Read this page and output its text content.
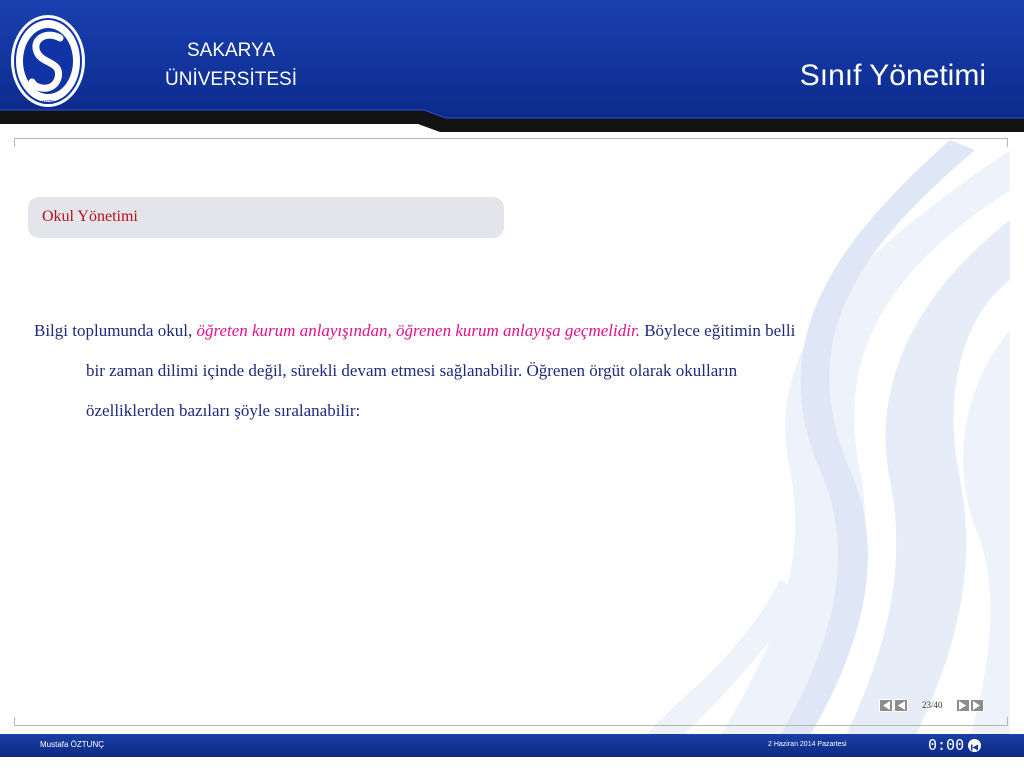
1970
SAKARYA
ÜNİVERSİTESİ	Sınıf Yönetimi
Okul Yönetimi
Bilgi toplumunda okul, öğreten kurum anlayışından, öğrenen kurum anlayışa geçmelidir. Böylece eğitimin belli
bir zaman dilimi içinde değil, sürekli devam etmesi sağlanabilir. Öğrenen örgüt olarak okulların
özelliklerden bazıları şöyle sıralanabilir:
23/40
Mustafa ÖZTUNÇ	2 Haziran 2014 Pazartesi	0:00
